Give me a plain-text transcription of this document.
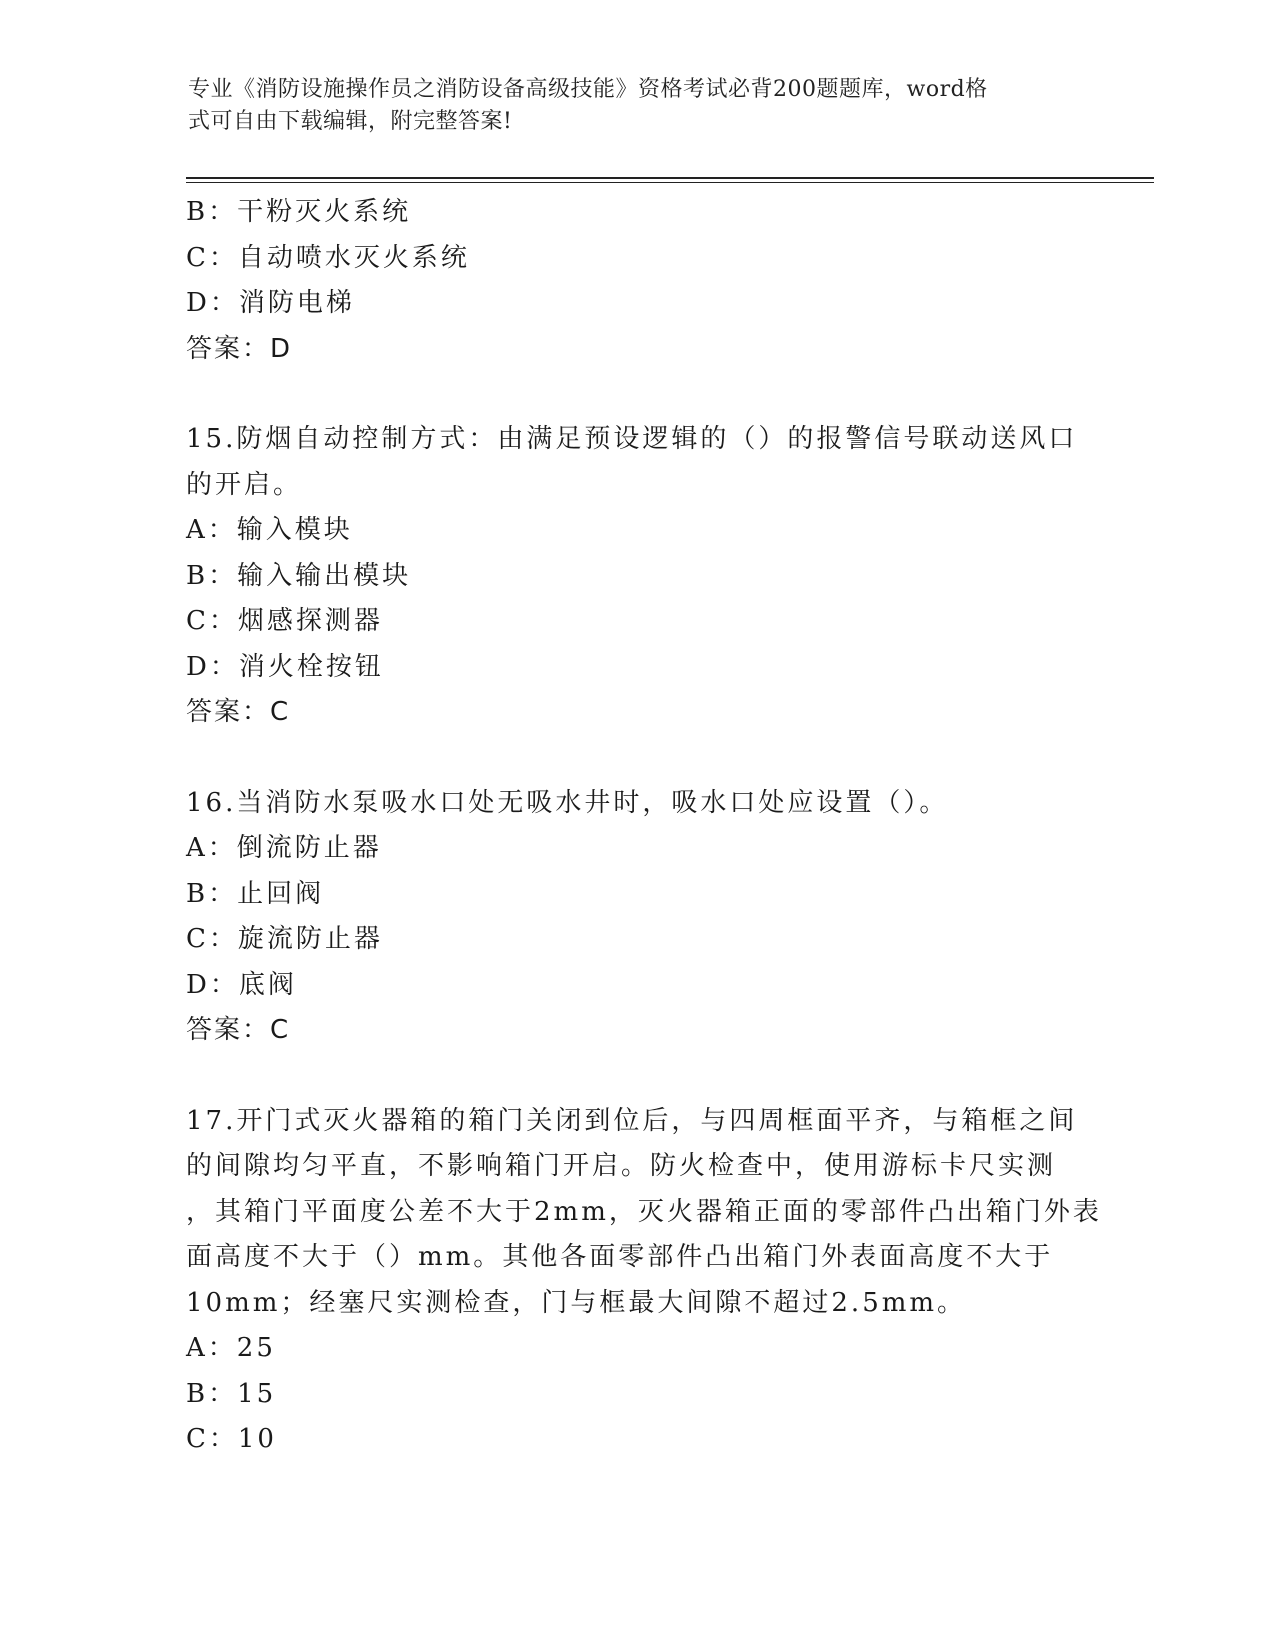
专业《消防设施操作员之消防设备高级技能》资格考试必背200题题库，word格
式可自由下载编辑，附完整答案!
B：干粉灭火系统
C：自动喷水灭火系统
D：消防电梯
答案：D
15.防烟自动控制方式：由满足预设逻辑的（）的报警信号联动送风口
的开启。
A：输入模块
B：输入输出模块
C：烟感探测器
D：消火栓按钮
答案：C
16.当消防水泵吸水口处无吸水井时，吸水口处应设置（）。
A：倒流防止器
B：止回阀
C：旋流防止器
D：底阀
答案：C
17.开门式灭火器箱的箱门关闭到位后，与四周框面平齐，与箱框之间
的间隙均匀平直，不影响箱门开启。防火检查中，使用游标卡尺实测
，其箱门平面度公差不大于2mm，灭火器箱正面的零部件凸出箱门外表
面高度不大于（）mm。其他各面零部件凸出箱门外表面高度不大于
10mm；经塞尺实测检查，门与框最大间隙不超过2.5mm。
A：25
B：15
C：10
